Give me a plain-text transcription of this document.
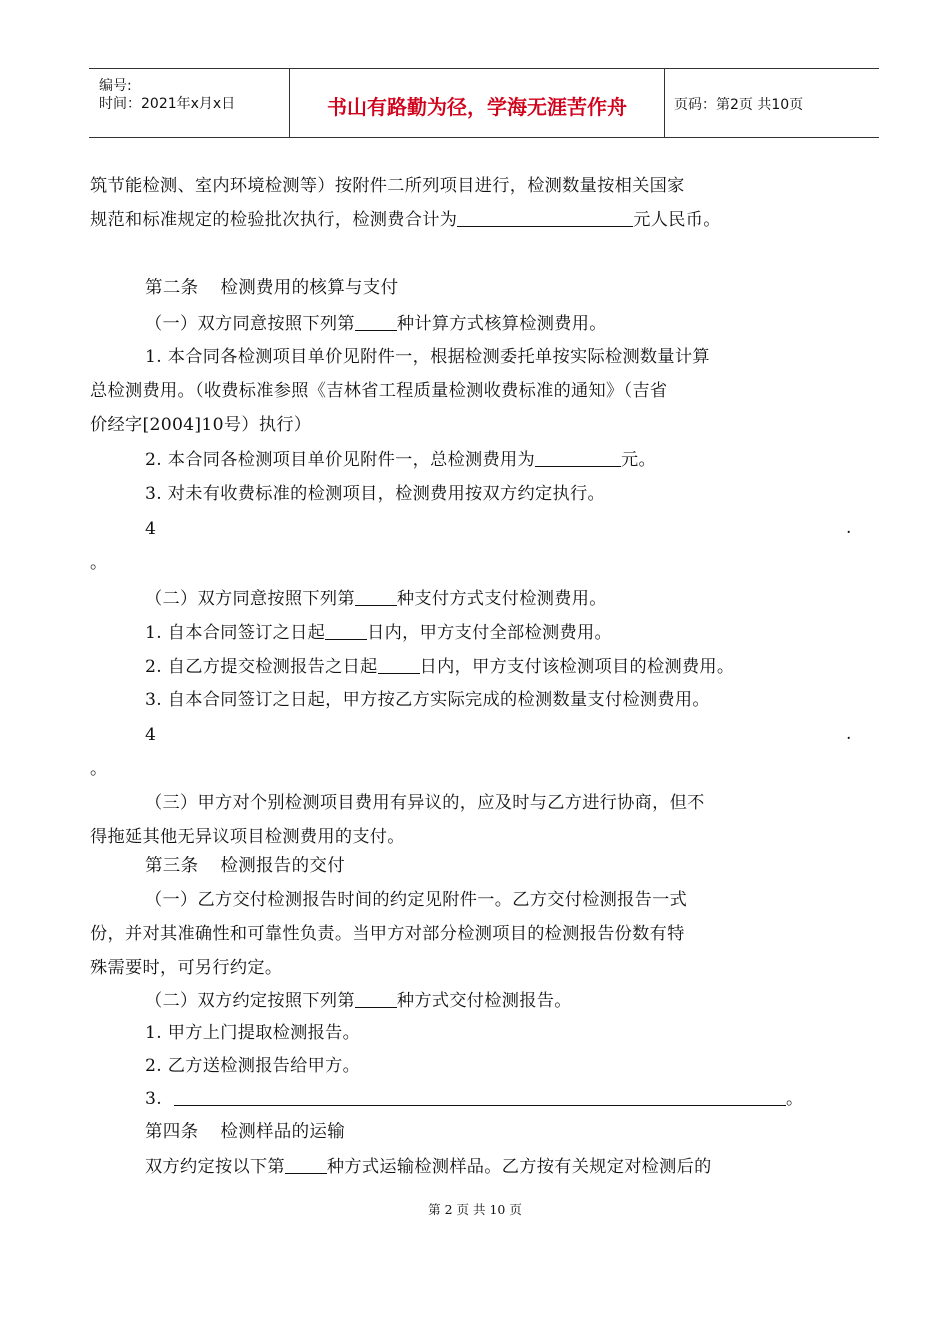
编号:
时间：2021年x月x日	书山有路勤为径，学海无涯苦作舟	页码：第2页 共10页
筑节能检测、室内环境检测等）按附件二所列项目进行，检测数量按相关国家
规范和标准规定的检验批次执行，检测费合计为	元人民币。
第二条 检测费用的核算与支付
（一）双方同意按照下列第 种计算方式核算检测费用。
1. 本合同各检测项目单价见附件一，根据检测委托单按实际检测数量计算
总检测费用。（收费标准参照《吉林省工程质量检测收费标准的通知》（吉省
价经字[2004]10号）执行）
2. 本合同各检测项目单价见附件一，总检测费用为	元。
3. 对未有收费标准的检测项目，检测费用按双方约定执行。
4	.
。
（二）双方同意按照下列第 种支付方式支付检测费用。
1. 自本合同签订之日起 日内，甲方支付全部检测费用。
2. 自乙方提交检测报告之日起 日内，甲方支付该检测项目的检测费用。
3. 自本合同签订之日起，甲方按乙方实际完成的检测数量支付检测费用。
4	.
。
（三）甲方对个别检测项目费用有异议的，应及时与乙方进行协商，但不
得拖延其他无异议项目检测费用的支付。
第三条 检测报告的交付
（一）乙方交付检测报告时间的约定见附件一。乙方交付检测报告一式
份，并对其准确性和可靠性负责。当甲方对部分检测项目的检测报告份数有特
殊需要时，可另行约定。
（二）双方约定按照下列第 种方式交付检测报告。
1. 甲方上门提取检测报告。
2. 乙方送检测报告给甲方。
3.	。
第四条 检测样品的运输
双方约定按以下第 种方式运输检测样品。乙方按有关规定对检测后的
第 2 页 共 10 页
